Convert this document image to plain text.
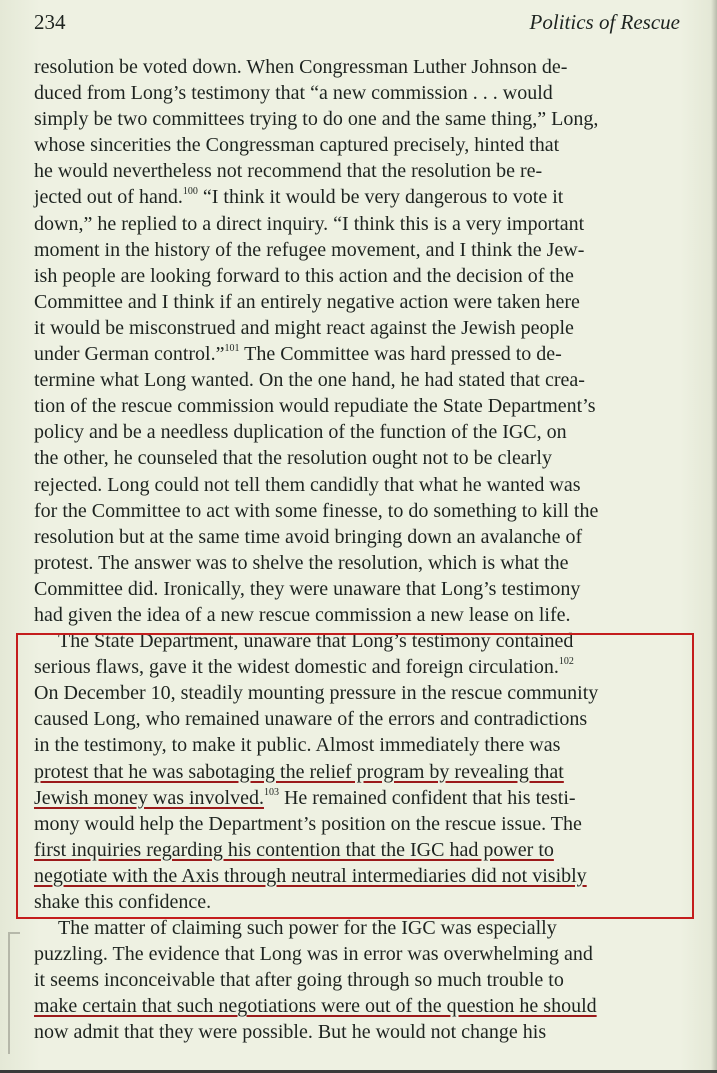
234	Politics of Rescue
resolution be voted down. When Congressman Luther Johnson de-
duced from Long’s testimony that “a new commission . . . would
simply be two committees trying to do one and the same thing,” Long,
whose sincerities the Congressman captured precisely, hinted that
he would nevertheless not recommend that the resolution be re-
jected out of hand.$^{100}$ “I think it would be very dangerous to vote it
down,” he replied to a direct inquiry. “I think this is a very important
moment in the history of the refugee movement, and I think the Jew-
ish people are looking forward to this action and the decision of the
Committee and I think if an entirely negative action were taken here
it would be misconstrued and might react against the Jewish people
under German control.”$^{101}$ The Committee was hard pressed to de-
termine what Long wanted. On the one hand, he had stated that crea-
tion of the rescue commission would repudiate the State Department’s
policy and be a needless duplication of the function of the IGC, on
the other, he counseled that the resolution ought not to be clearly
rejected. Long could not tell them candidly that what he wanted was
for the Committee to act with some finesse, to do something to kill the
resolution but at the same time avoid bringing down an avalanche of
protest. The answer was to shelve the resolution, which is what the
Committee did. Ironically, they were unaware that Long’s testimony
had given the idea of a new rescue commission a new lease on life.
The State Department, unaware that Long’s testimony contained
serious flaws, gave it the widest domestic and foreign circulation.$^{102}$
On December 10, steadily mounting pressure in the rescue community
caused Long, who remained unaware of the errors and contradictions
in the testimony, to make it public. Almost immediately there was
protest that he was sabotaging the relief program by revealing that
Jewish money was involved.$^{103}$ He remained confident that his testi-
mony would help the Department’s position on the rescue issue. The
first inquiries regarding his contention that the IGC had power to
negotiate with the Axis through neutral intermediaries did not visibly
shake this confidence.
The matter of claiming such power for the IGC was especially
puzzling. The evidence that Long was in error was overwhelming and
it seems inconceivable that after going through so much trouble to
make certain that such negotiations were out of the question he should
now admit that they were possible. But he would not change his
